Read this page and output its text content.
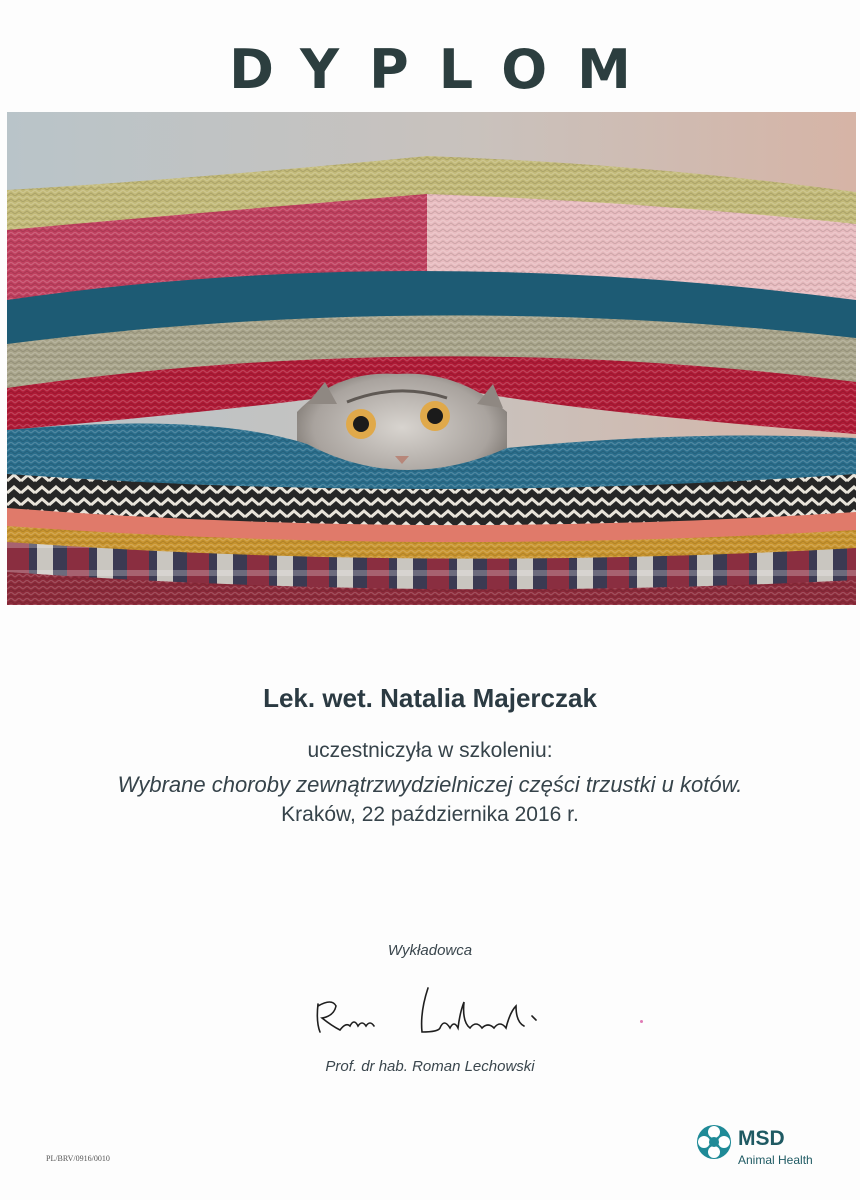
DYPLOM
Lek. wet. Natalia Majerczak
uczestniczyła w szkoleniu:
Wybrane choroby zewnątrzwydzielniczej części trzustki u kotów.
Kraków, 22 października 2016 r.
Wykładowca
Prof. dr hab. Roman Lechowski
PL/BRV/0916/0010
MSD
Animal Health
